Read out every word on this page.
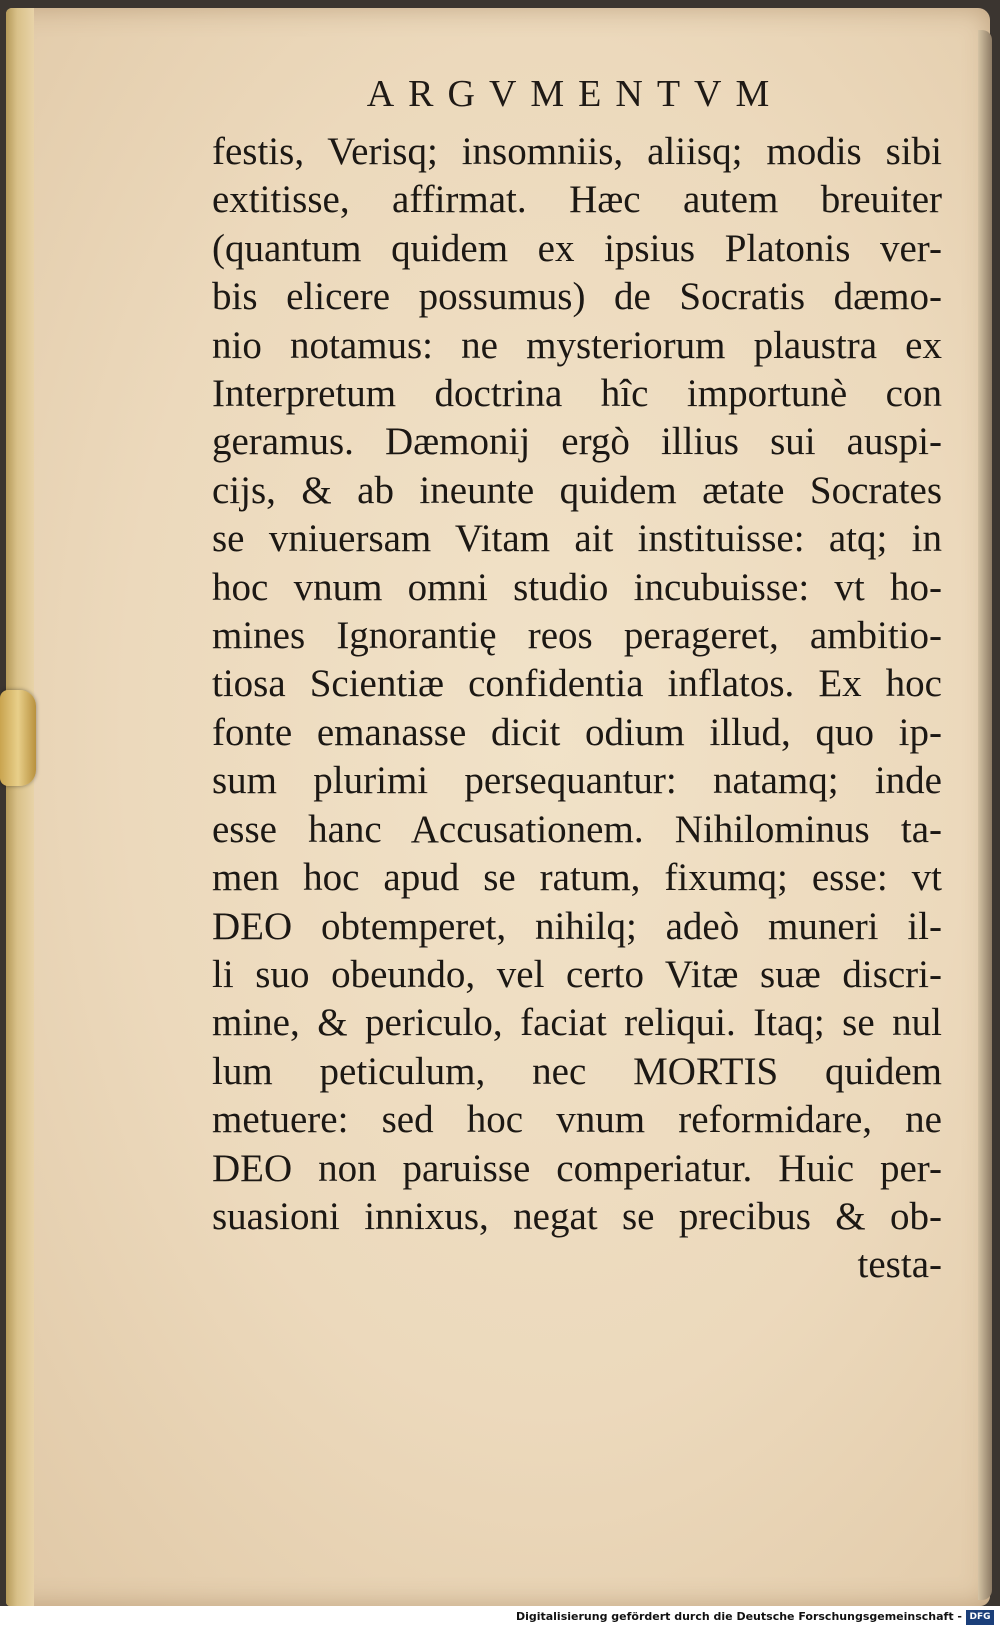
ARGVMENTVM
festis, Verisq; insomniis, aliisq; modis sibi
extitisse, affirmat. Hæc autem breuiter
(quantum quidem ex ipsius Platonis ver-
bis elicere possumus) de Socratis dæmo-
nio notamus: ne mysteriorum plaustra ex
Interpretum doctrina hîc importunè con
geramus. Dæmonij ergò illius sui auspi-
cijs, & ab ineunte quidem ætate Socrates
se vniuersam Vitam ait instituisse: atq; in
hoc vnum omni studio incubuisse: vt ho-
mines Ignorantię reos perageret, ambitio-
tiosa Scientiæ confidentia inflatos. Ex hoc
fonte emanasse dicit odium illud, quo ip-
sum plurimi persequantur: natamq; inde
esse hanc Accusationem. Nihilominus ta-
men hoc apud se ratum, fixumq; esse: vt
DEO obtemperet, nihilq; adeò muneri il-
li suo obeundo, vel certo Vitæ suæ discri-
mine, & periculo, faciat reliqui. Itaq; se nul
lum peticulum, nec MORTIS quidem
metuere: sed hoc vnum reformidare, ne
DEO non paruisse comperiatur. Huic per-
suasioni innixus, negat se precibus & ob-
testa-
Digitalisierung gefördert durch die Deutsche Forschungsgemeinschaft - DFG
